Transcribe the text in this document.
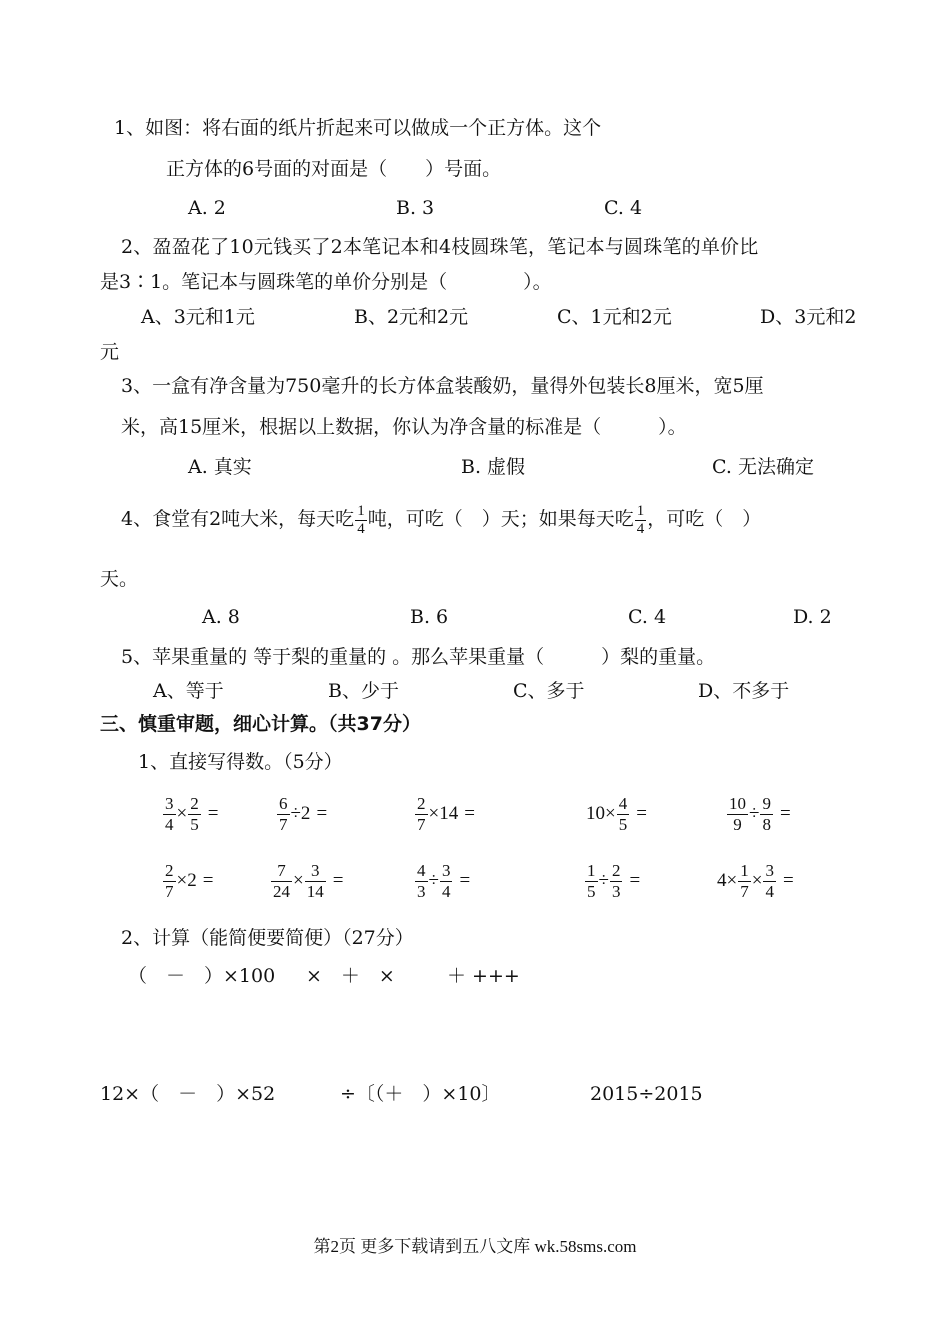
1、如图：将右面的纸片折起来可以做成一个正方体。这个
正方体的6号面的对面是（　　）号面。
A. 2	B. 3	C. 4
2、盈盈花了10元钱买了2本笔记本和4枝圆珠笔，笔记本与圆珠笔的单价比
是3∶1。笔记本与圆珠笔的单价分别是（　　　　）。
A、3元和1元	B、2元和2元	C、1元和2元	D、3元和2
元
3、一盒有净含量为750毫升的长方体盒装酸奶，量得外包装长8厘米，宽5厘
米，高15厘米，根据以上数据，你认为净含量的标准是（　　　）。
A. 真实	B. 虚假	C. 无法确定
4、食堂有2吨大米，每天吃 $\frac{1}{4}$ 吨，可吃（　）天；如果每天吃 $\frac{1}{4}$ ，可吃（　）
天。
A. 8	B. 6	C. 4	D. 2
5、苹果重量的 等于梨的重量的 。那么苹果重量（　　　）梨的重量。
A、等于	B、少于	C、多于	D、不多于
三、慎重审题，细心计算。（共37分）
1、直接写得数。（5分）
$\frac{3}{4} \times \frac{2}{5}$ =	$\frac{6}{7} \div 2$ =	$\frac{2}{7} \times 14$ =	$10\times \frac{4}{5}$ =	$\frac{10}{9} \div \frac{9}{8}$ =
$\frac{2}{7} \times 2$ =	$\frac{7}{24} \times \frac{3}{14}$ =	$\frac{4}{3} \div \frac{3}{4}$ =	$\frac{1}{5} \div \frac{2}{3}$ =	$4\times \frac{1}{7} \times \frac{3}{4}$ =
2、计算（能简便要简便）（27分）
（　－　）×100 ×　＋　×	＋ +++
12×（　－　）×52	÷〔（＋　）×10〕	2015÷2015
第2页 更多下载请到五八文库 wk.58sms.com
